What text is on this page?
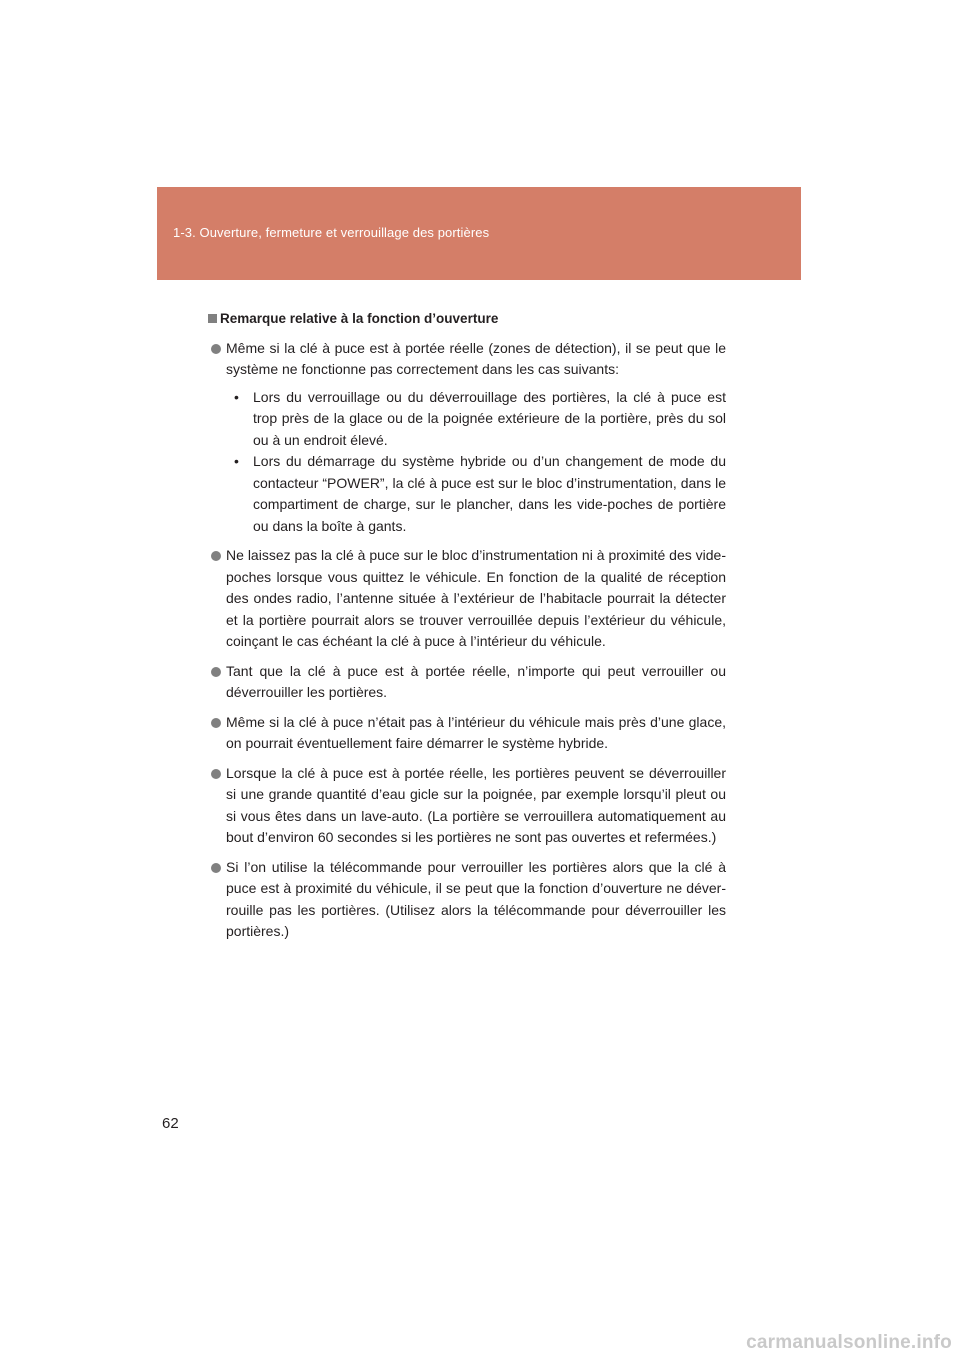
1-3. Ouverture, fermeture et verrouillage des portières
Remarque relative à la fonction d’ouverture
Même si la clé à puce est à portée réelle (zones de détection), il se peut que le système ne fonctionne pas correctement dans les cas suivants:
• Lors du verrouillage ou du déverrouillage des portières, la clé à puce est trop près de la glace ou de la poignée extérieure de la portière, près du sol ou à un endroit élevé.
• Lors du démarrage du système hybride ou d’un changement de mode du contacteur “POWER”, la clé à puce est sur le bloc d’instrumentation, dans le compartiment de charge, sur le plancher, dans les vide-poches de portière ou dans la boîte à gants.
Ne laissez pas la clé à puce sur le bloc d’instrumentation ni à proximité des vide-poches lorsque vous quittez le véhicule. En fonction de la qualité de réception des ondes radio, l’antenne située à l’extérieur de l’habitacle pourrait la détecter et la portière pourrait alors se trouver verrouillée depuis l’extérieur du véhicule, coinçant le cas échéant la clé à puce à l’intérieur du véhicule.
Tant que la clé à puce est à portée réelle, n’importe qui peut verrouiller ou déverrouiller les portières.
Même si la clé à puce n’était pas à l’intérieur du véhicule mais près d’une glace, on pourrait éventuellement faire démarrer le système hybride.
Lorsque la clé à puce est à portée réelle, les portières peuvent se déverrouiller si une grande quantité d’eau gicle sur la poignée, par exemple lorsqu’il pleut ou si vous êtes dans un lave-auto. (La portière se verrouillera automatiquement au bout d’environ 60 secondes si les portières ne sont pas ouvertes et refermées.)
Si l’on utilise la télécommande pour verrouiller les portières alors que la clé à puce est à proximité du véhicule, il se peut que la fonction d’ouverture ne déver-rouille pas les portières. (Utilisez alors la télécommande pour déverrouiller les portières.)
62
carmanualsonline.info
